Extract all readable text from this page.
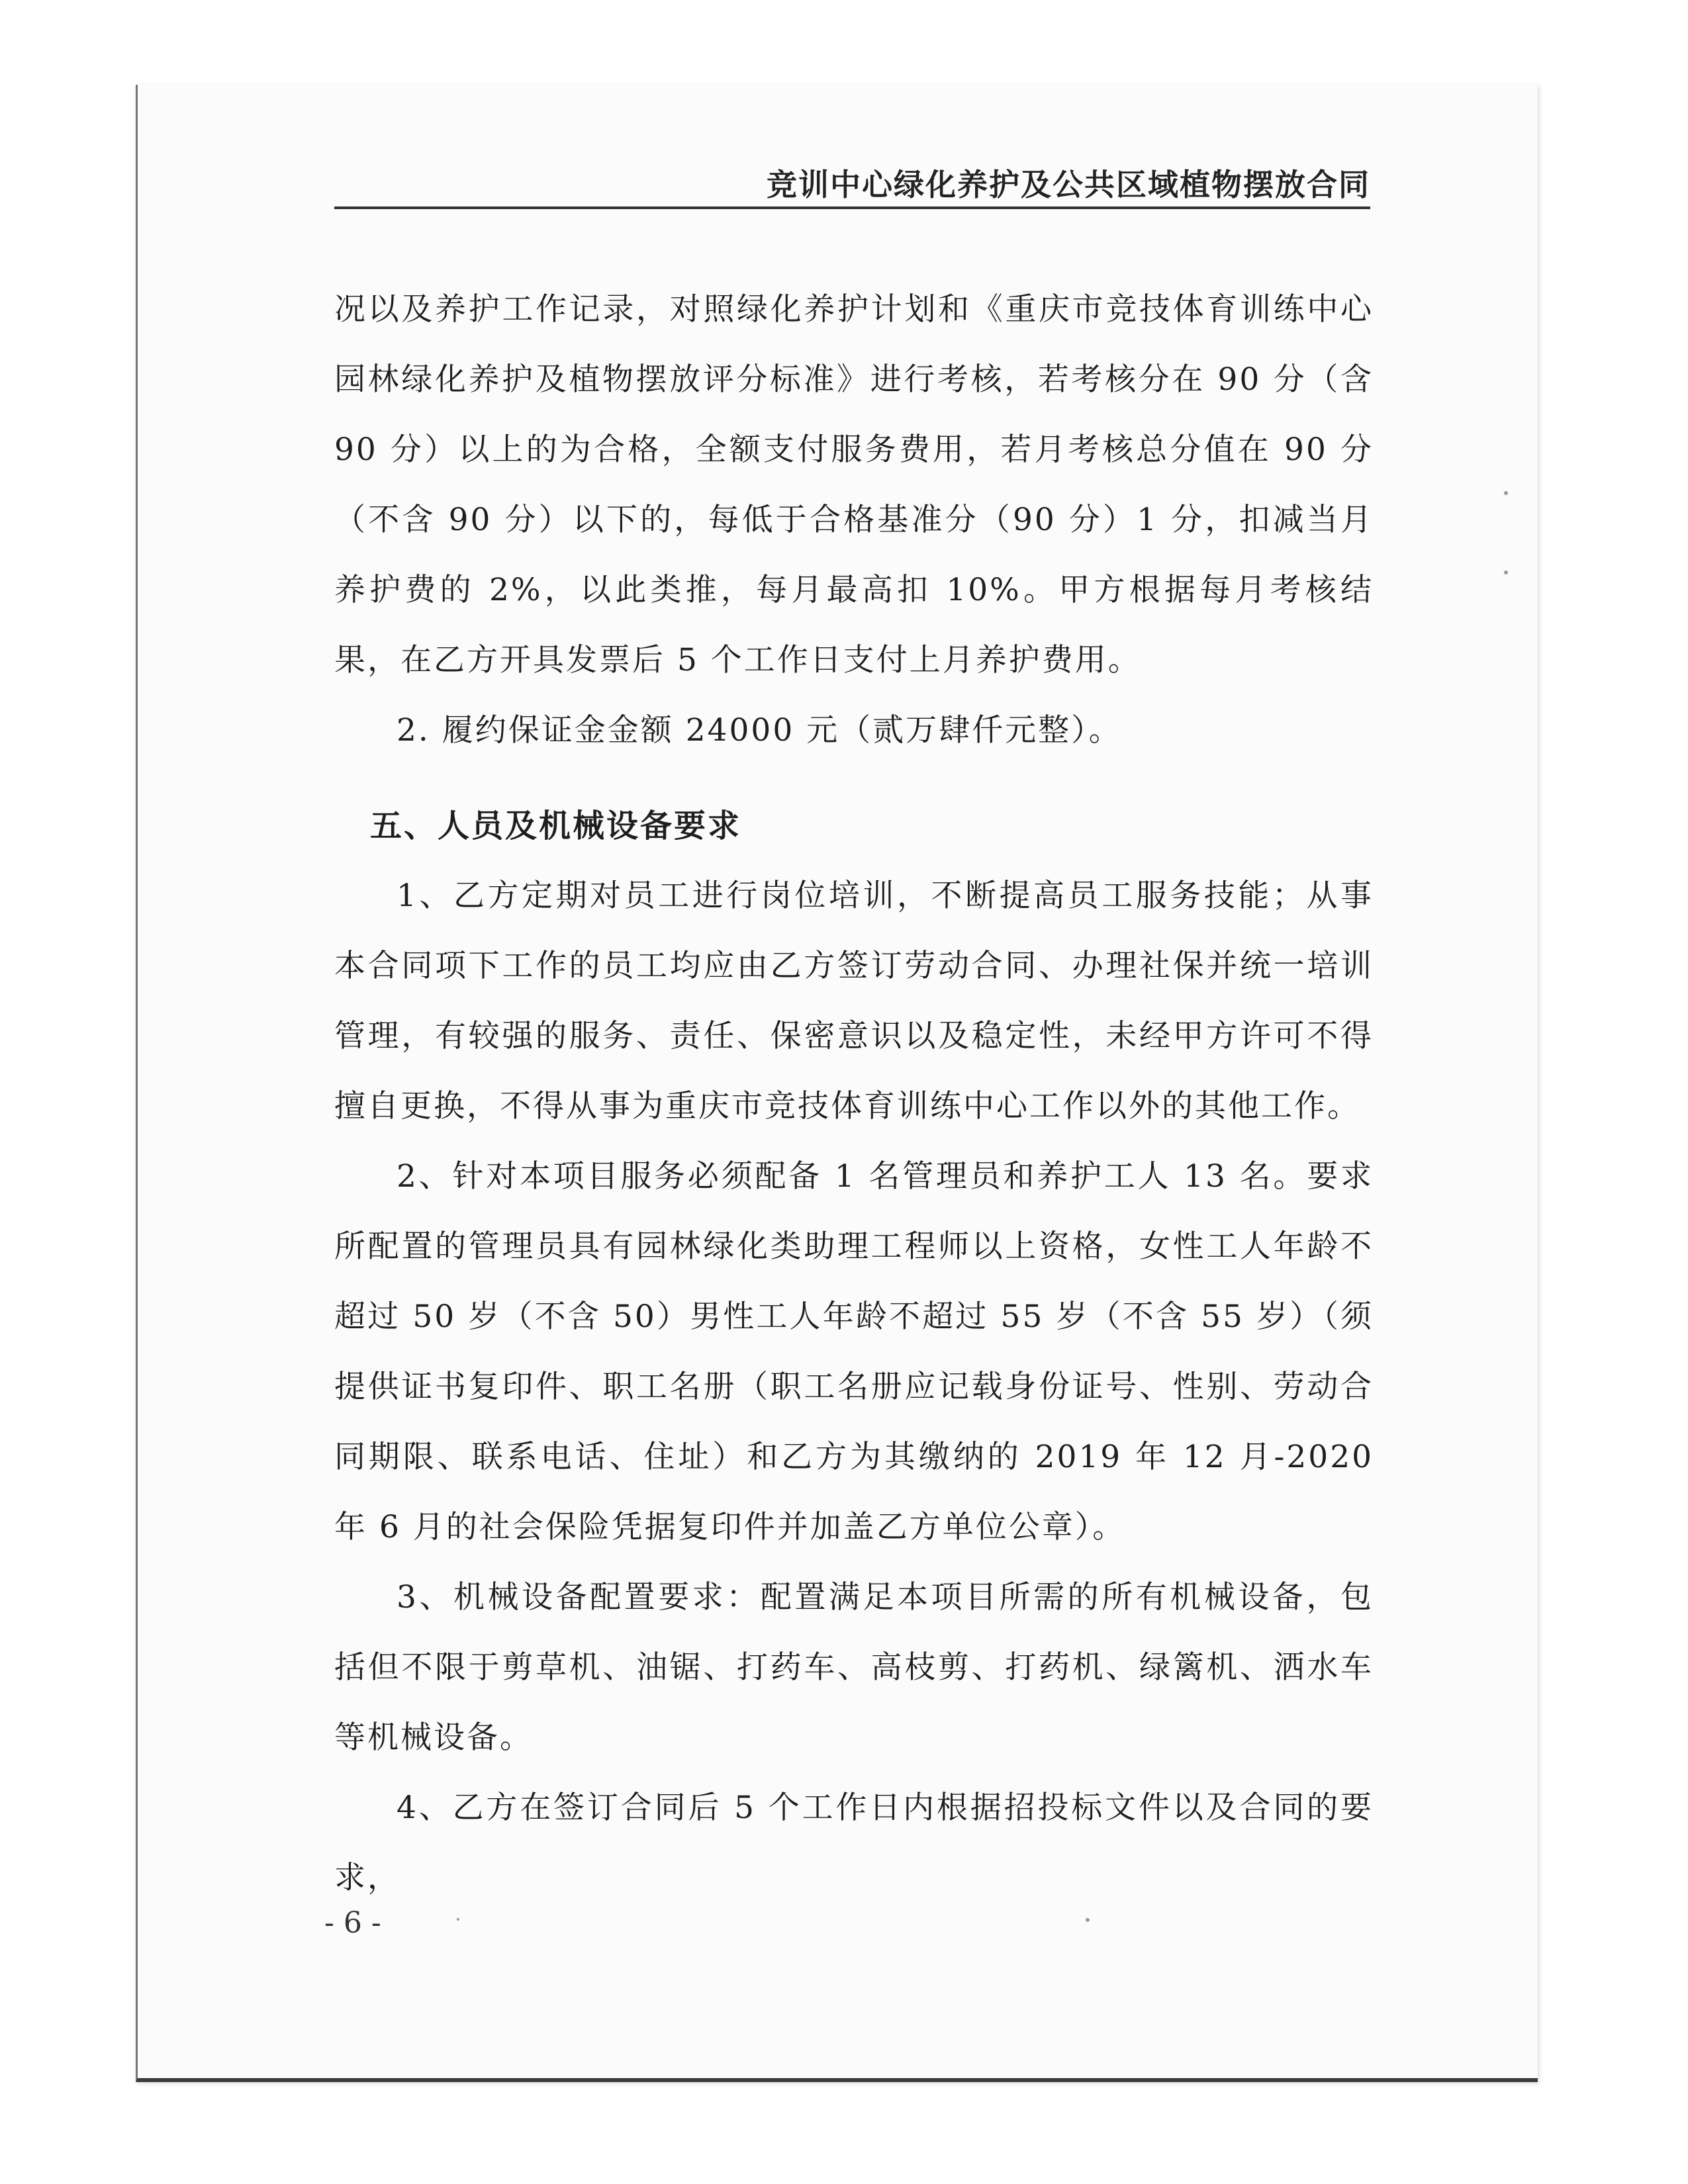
竞训中心绿化养护及公共区域植物摆放合同

况以及养护工作记录，对照绿化养护计划和《重庆市竞技体育训练中心园林绿化养护及植物摆放评分标准》进行考核，若考核分在 90 分（含 90 分）以上的为合格，全额支付服务费用，若月考核总分值在 90 分（不含 90 分）以下的，每低于合格基准分（90 分）1 分，扣减当月养护费的 2%，以此类推，每月最高扣 10%。甲方根据每月考核结果，在乙方开具发票后 5 个工作日支付上月养护费用。

2. 履约保证金金额 24000 元（贰万肆仟元整）。

五、人员及机械设备要求

1、乙方定期对员工进行岗位培训，不断提高员工服务技能；从事本合同项下工作的员工均应由乙方签订劳动合同、办理社保并统一培训管理，有较强的服务、责任、保密意识以及稳定性，未经甲方许可不得擅自更换，不得从事为重庆市竞技体育训练中心工作以外的其他工作。

2、针对本项目服务必须配备 1 名管理员和养护工人 13 名。要求所配置的管理员具有园林绿化类助理工程师以上资格，女性工人年龄不超过 50 岁（不含 50）男性工人年龄不超过 55 岁（不含 55 岁）（须提供证书复印件、职工名册（职工名册应记载身份证号、性别、劳动合同期限、联系电话、住址）和乙方为其缴纳的 2019 年 12 月-2020 年 6 月的社会保险凭据复印件并加盖乙方单位公章）。

3、机械设备配置要求：配置满足本项目所需的所有机械设备，包括但不限于剪草机、油锯、打药车、高枝剪、打药机、绿篱机、洒水车等机械设备。

4、乙方在签订合同后 5 个工作日内根据招投标文件以及合同的要求，

- 6 -
